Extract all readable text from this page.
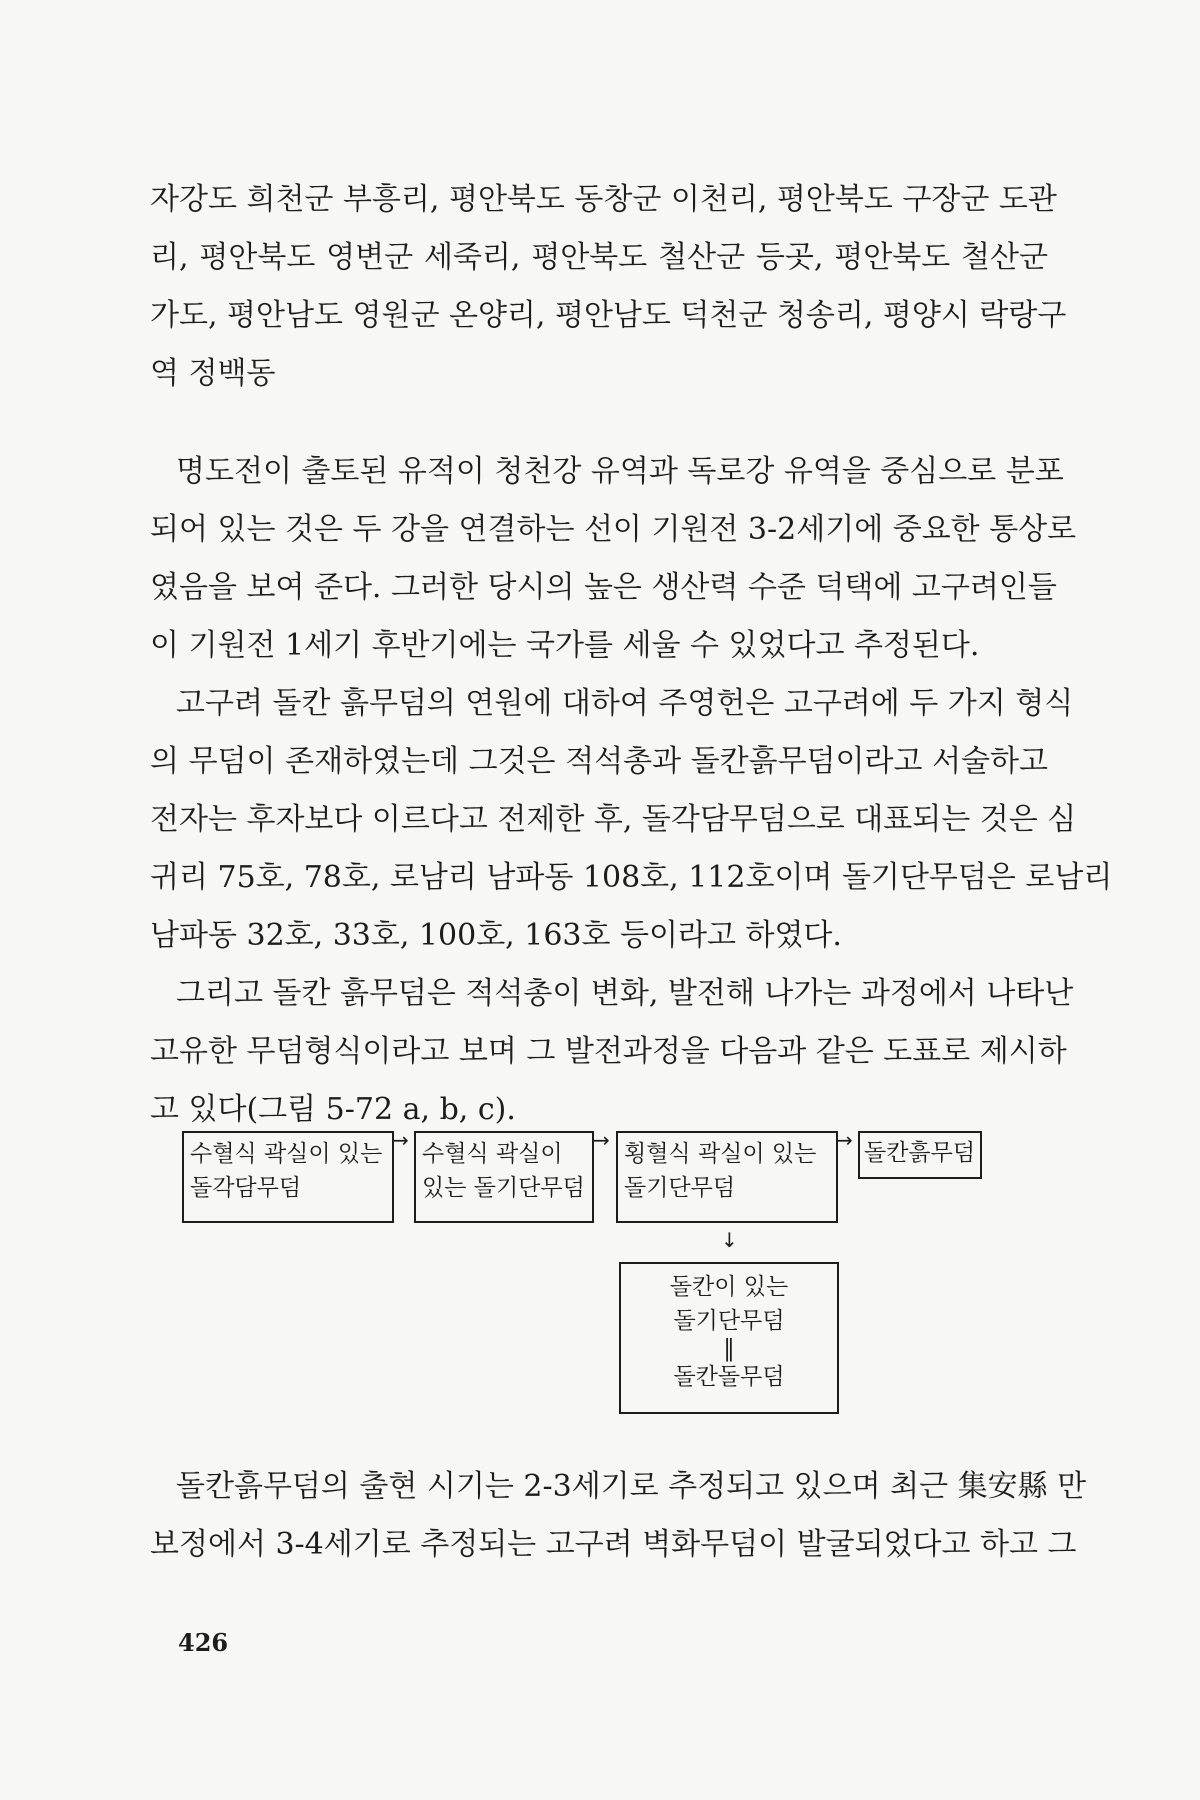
자강도 희천군 부흥리, 평안북도 동창군 이천리, 평안북도 구장군 도관
리, 평안북도 영변군 세죽리, 평안북도 철산군 등곳, 평안북도 철산군
가도, 평안남도 영원군 온양리, 평안남도 덕천군 청송리, 평양시 락랑구
역 정백동
명도전이 출토된 유적이 청천강 유역과 독로강 유역을 중심으로 분포
되어 있는 것은 두 강을 연결하는 선이 기원전 3-2세기에 중요한 통상로
였음을 보여 준다. 그러한 당시의 높은 생산력 수준 덕택에 고구려인들
이 기원전 1세기 후반기에는 국가를 세울 수 있었다고 추정된다.
고구려 돌칸 흙무덤의 연원에 대하여 주영헌은 고구려에 두 가지 형식
의 무덤이 존재하였는데 그것은 적석총과 돌칸흙무덤이라고 서술하고
전자는 후자보다 이르다고 전제한 후, 돌각담무덤으로 대표되는 것은 심
귀리 75호, 78호, 로남리 남파동 108호, 112호이며 돌기단무덤은 로남리
남파동 32호, 33호, 100호, 163호 등이라고 하였다.
그리고 돌칸 흙무덤은 적석총이 변화, 발전해 나가는 과정에서 나타난
고유한 무덤형식이라고 보며 그 발전과정을 다음과 같은 도표로 제시하
고 있다(그림 5-72 a, b, c).
수혈식 곽실이 있는
돌각담무덤
→
수혈식 곽실이
있는 돌기단무덤
→
횡혈식 곽실이 있는
돌기단무덤
→ 돌칸흙무덤
↓
돌칸이 있는
돌기단무덤
‖
돌칸돌무덤
돌칸흙무덤의 출현 시기는 2-3세기로 추정되고 있으며 최근 集安縣 만
보정에서 3-4세기로 추정되는 고구려 벽화무덤이 발굴되었다고 하고 그
426
